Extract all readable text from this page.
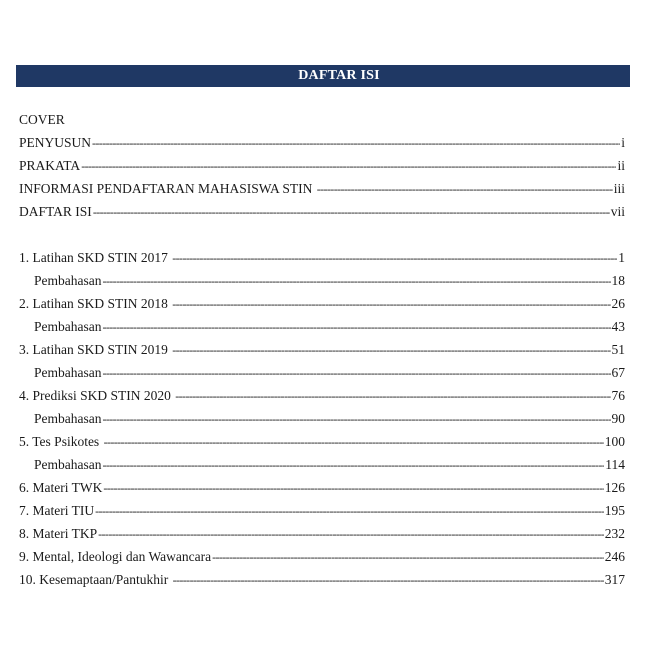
DAFTAR ISI
COVER
PENYUSUN -----	i
PRAKATA -----	ii
INFORMASI PENDAFTARAN MAHASISWA STIN -----	iii
DAFTAR ISI -----	vii
1. Latihan SKD STIN 2017 -----	1
Pembahasan -----	18
2. Latihan SKD STIN 2018 -----	26
Pembahasan -----	43
3. Latihan SKD STIN 2019 -----	51
Pembahasan -----	67
4. Prediksi SKD STIN 2020 -----	76
Pembahasan -----	90
5. Tes Psikotes -----	100
Pembahasan -----	114
6. Materi TWK -----	126
7. Materi TIU -----	195
8. Materi TKP -----	232
9. Mental, Ideologi dan Wawancara -----	246
10. Kesemaptaan/Pantukhir -----	317
